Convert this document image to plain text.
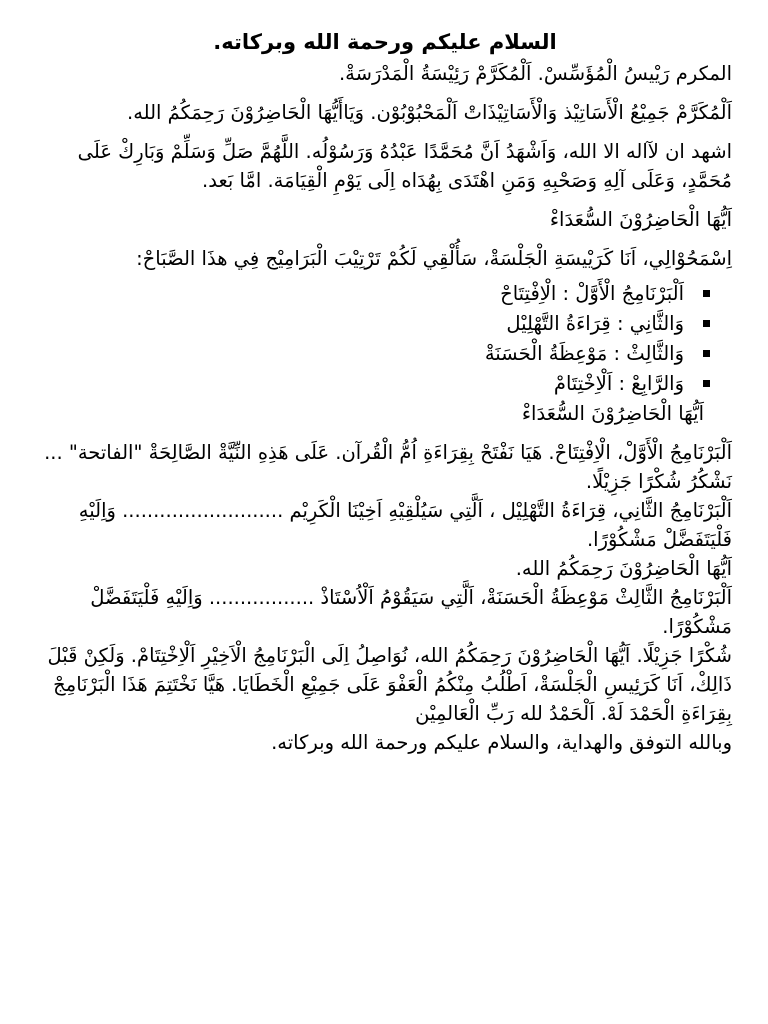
السلام عليكم ورحمة الله وبركاته.

المكرم رَيْيسُ الْمُؤَسِّسْ. اَلْمُكَرَّمْ رَئِيْسَةُ الْمَدْرَسَةْ.

اَلْمُكَرَّمْ جَمِيْعُ الْأَسَاتِيْذ وَالْأَسَاتِيْذَاتْ اَلْمَحْبُوْبُوْن. وَيَاأَيُّهَا الْحَاضِرُوْنَ رَحِمَكُمُ الله.

اشهد ان لآاله الا الله، وَاَشْهَدُ اَنَّ مُحَمَّدًا عَبْدُهُ وَرَسُوْلُه. اللَّهُمَّ صَلِّ وَسَلِّمْ وَبَارِكْ عَلَى مُحَمَّدٍ، وَعَلَى آلِهِ وَصَحْبِهِ وَمَنِ اهْتَدَى بِهُدَاه اِلَى يَوْمِ الْقِيَامَة. امَّا بَعد.

اَيُّهَا الْحَاضِرُوْنَ السُّعَدَاءْ

اِسْمَحُوْالِي، اَنَا كَرَيْيسَةِ الْجَلْسَةْ، سَأُلْقِي لَكُمْ تَرْتِيْبَ الْبَرَامِيْج فِي هذَا الصَّبَاحْ:

اَلْبَرْنَامِجُ الْأَوَّلْ : الْاِفْتِتَاحْ
وَالثَّانِي : قِرَاءَةُ التَّهْلِيْل
وَالثَّالِثْ : مَوْعِظَةُ الْحَسَنَةْ
وَالرَّابِعْ : اَلْاِخْتِتَامْ

اَيُّهَا الْحَاضِرُوْنَ السُّعَدَاءْ

اَلْبَرْنَامِجُ الْأَوَّلْ، الْاِفْتِتَاحْ. هَيَا نَفْتَحْ بِقِرَاءَةِ اُمُّ الْقُرآن. عَلَى هَذِهِ النِّيَّةْ الصَّالِحَةْ "الفاتحة" ...

نَشْكُرُ شُكْرًا جَزِيْلًا.

اَلْبَرْنَامِجُ الثَّانِي، قِرَاءَةُ التَّهْلِيْل ، اَلَّتِي سَيُلْقِيْهِ اَخِيْنَا الْكَرِيْم .......................... وَاِلَيْهِ فَلْيَتَفَضَّلْ مَشْكُوْرًا.

اَيُّهَا الْحَاضِرُوْنَ رَحِمَكُمُ الله.

اَلْبَرْنَامِجُ الثَّالِثْ مَوْعِظَةُ الْحَسَنَةْ، اَلَّتِي سَيَقُوْمُ اَلْاُسْتَاذْ ................. وَاِلَيْهِ فَلْيَتَفَضَّلْ مَشْكُوْرًا.

شُكْرًا جَزِيْلًا. اَيُّهَا الْحَاضِرُوْنَ رَحِمَكُمُ الله، نُوَاصِلُ اِلَى الْبَرْنَامِجُ الْاَخِيْرِ اَلْاِخْتِتَامْ. وَلَكِنْ قَبْلَ ذَالِكْ، اَنَا كَرَئِيسِ الْجَلْسَةْ، اَطْلُبُ مِنْكُمُ الْعَفْوَ عَلَى جَمِيْعِ الْخَطَايَا. هَيَّا نَخْتَتِمَ هَذَا الْبَرْنَامِجْ بِقِرَاءَةِ الْحَمْدَ لَهْ. اَلْحَمْدُ لله رَبِّ الْعَالمِيْن

وبالله التوفق والهداية، والسلام عليكم ورحمة الله وبركاته.
